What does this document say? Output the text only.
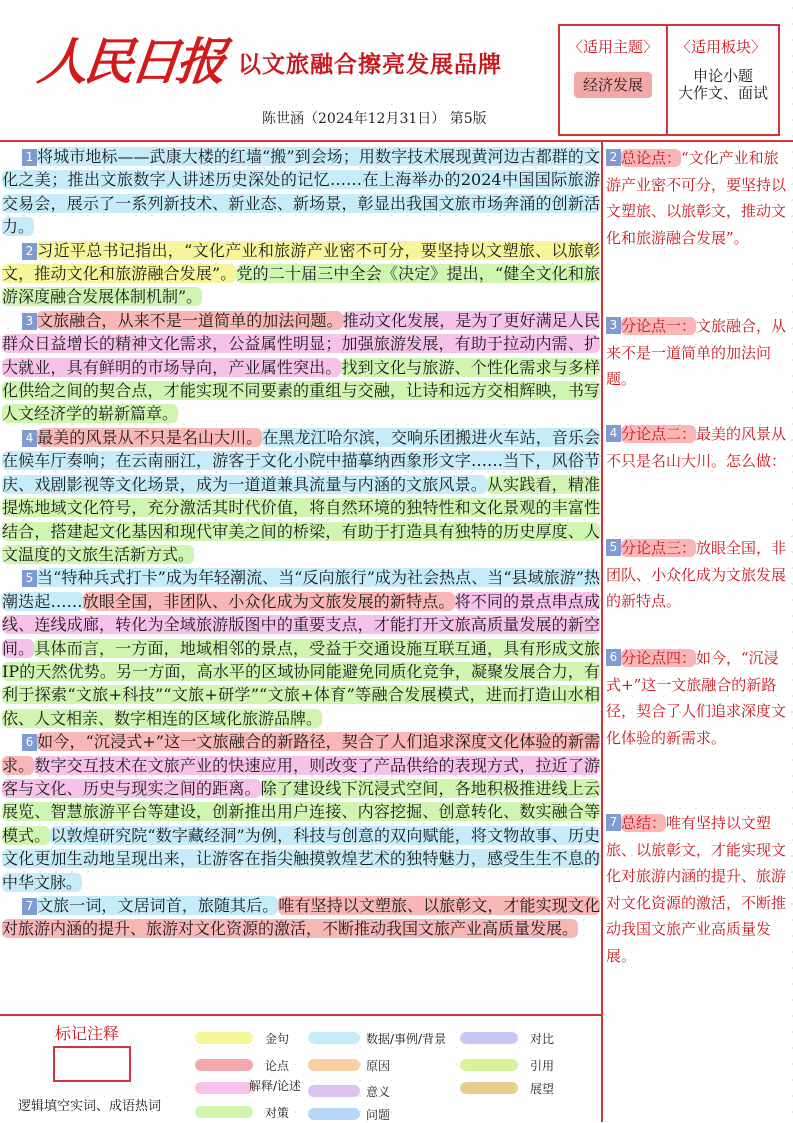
人民日报 以文旅融合擦亮发展品牌
陈世涵（2024年12月31日） 第5版
〈适用主题〉	〈适用板块〉
经济发展	申论小题
大作文、面试

1 将城市地标——武康大楼的红墙“搬”到会场；用数字技术展现黄河边古都群的文化之美；推出文旅数字人讲述历史深处的记忆……在上海举办的2024中国国际旅游交易会，展示了一系列新技术、新业态、新场景，彰显出我国文旅市场奔涌的创新活力。

2 习近平总书记指出，“文化产业和旅游产业密不可分，要坚持以文塑旅、以旅彰文，推动文化和旅游融合发展”。党的二十届三中全会《决定》提出，“健全文化和旅游深度融合发展体制机制”。

3 文旅融合，从来不是一道简单的加法问题。推动文化发展，是为了更好满足人民群众日益增长的精神文化需求，公益属性明显；加强旅游发展，有助于拉动内需、扩大就业，具有鲜明的市场导向，产业属性突出。找到文化与旅游、个性化需求与多样化供给之间的契合点，才能实现不同要素的重组与交融，让诗和远方交相辉映，书写人文经济学的崭新篇章。

4 最美的风景从不只是名山大川。在黑龙江哈尔滨，交响乐团搬进火车站，音乐会在候车厅奏响；在云南丽江，游客于文化小院中描摹纳西象形文字……当下，风俗节庆、戏剧影视等文化场景，成为一道道兼具流量与内涵的文旅风景。从实践看，精准提炼地域文化符号，充分激活其时代价值，将自然环境的独特性和文化景观的丰富性结合，搭建起文化基因和现代审美之间的桥梁，有助于打造具有独特的历史厚度、人文温度的文旅生活新方式。

5 当“特种兵式打卡”成为年轻潮流、当“反向旅行”成为社会热点、当“县域旅游”热潮迭起……放眼全国，非团队、小众化成为文旅发展的新特点。将不同的景点串点成线、连线成廊，转化为全域旅游版图中的重要支点，才能打开文旅高质量发展的新空间。具体而言，一方面，地域相邻的景点，受益于交通设施互联互通，具有形成文旅IP的天然优势。另一方面，高水平的区域协同能避免同质化竞争，凝聚发展合力，有利于探索“文旅+科技”“文旅+研学”“文旅+体育”等融合发展模式，进而打造山水相依、人文相亲、数字相连的区域化旅游品牌。

6 如今，“沉浸式+”这一文旅融合的新路径，契合了人们追求深度文化体验的新需求。数字交互技术在文旅产业的快速应用，则改变了产品供给的表现方式，拉近了游客与文化、历史与现实之间的距离。除了建设线下沉浸式空间，各地积极推进线上云展览、智慧旅游平台等建设，创新推出用户连接、内容挖掘、创意转化、数实融合等模式。以敦煌研究院“数字藏经洞”为例，科技与创意的双向赋能，将文物故事、历史文化更加生动地呈现出来，让游客在指尖触摸敦煌艺术的独特魅力，感受生生不息的中华文脉。

7 文旅一词，文居词首，旅随其后。唯有坚持以文塑旅、以旅彰文，才能实现文化对旅游内涵的提升、旅游对文化资源的激活，不断推动我国文旅产业高质量发展。

2 总论点：“文化产业和旅游产业密不可分，要坚持以文塑旅、以旅彰文，推动文化和旅游融合发展”。
3 分论点一：文旅融合，从来不是一道简单的加法问题。
4 分论点二：最美的风景从不只是名山大川。怎么做：
5 分论点三：放眼全国，非团队、小众化成为文旅发展的新特点。
6 分论点四：如今，“沉浸式+”这一文旅融合的新路径，契合了人们追求深度文化体验的新需求。
7 总结：唯有坚持以文塑旅、以旅彰文，才能实现文化对旅游内涵的提升、旅游对文化资源的激活，不断推动我国文旅产业高质量发展。
标记注释
逻辑填空实词、成语热词
金句	数据/事例/背景	对比
论点	原因	引用
解释/论述	意义	展望
对策	问题
